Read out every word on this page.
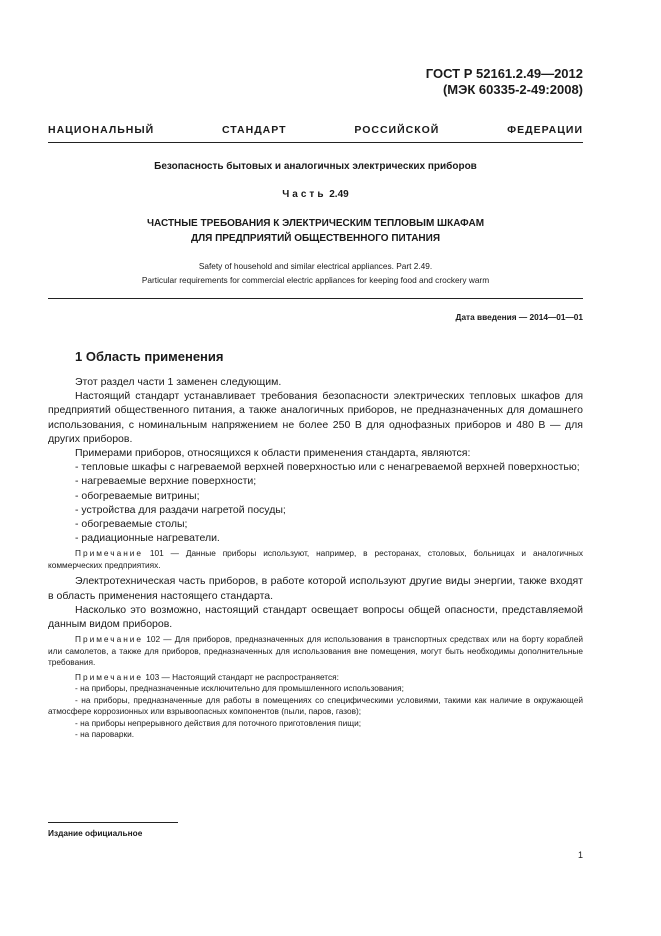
ГОСТ Р 52161.2.49—2012
(МЭК 60335-2-49:2008)
НАЦИОНАЛЬНЫЙ СТАНДАРТ РОССИЙСКОЙ ФЕДЕРАЦИИ
Безопасность бытовых и аналогичных электрических приборов
Часть 2.49
ЧАСТНЫЕ ТРЕБОВАНИЯ К ЭЛЕКТРИЧЕСКИМ ТЕПЛОВЫМ ШКАФАМ
ДЛЯ ПРЕДПРИЯТИЙ ОБЩЕСТВЕННОГО ПИТАНИЯ
Safety of household and similar electrical appliances. Part 2.49.
Particular requirements for commercial electric appliances for keeping food and crockery warm
Дата введения — 2014—01—01
1 Область применения

Этот раздел части 1 заменен следующим.

Настоящий стандарт устанавливает требования безопасности электрических тепловых шкафов для предприятий общественного питания, а также аналогичных приборов, не предназначенных для домашнего использования, с номинальным напряжением не более 250 В для однофазных приборов и 480 В — для других приборов.

Примерами приборов, относящихся к области применения стандарта, являются:

- тепловые шкафы с нагреваемой верхней поверхностью или с ненагреваемой верхней поверхностью;

- нагреваемые верхние поверхности;

- обогреваемые витрины;

- устройства для раздачи нагретой посуды;

- обогреваемые столы;

- радиационные нагреватели.

Примечание 101 — Данные приборы используют, например, в ресторанах, столовых, больницах и аналогичных коммерческих предприятиях.

Электротехническая часть приборов, в работе которой используют другие виды энергии, также входят в область применения настоящего стандарта.

Насколько это возможно, настоящий стандарт освещает вопросы общей опасности, представляемой данным видом приборов.

Примечание 102 — Для приборов, предназначенных для использования в транспортных средствах или на борту кораблей или самолетов, а также для приборов, предназначенных для использования вне помещения, могут быть необходимы дополнительные требования.

Примечание 103 — Настоящий стандарт не распространяется:

- на приборы, предназначенные исключительно для промышленного использования;

- на приборы, предназначенные для работы в помещениях со специфическими условиями, такими как наличие в окружающей атмосфере коррозионных или взрывоопасных компонентов (пыли, паров, газов);

- на приборы непрерывного действия для поточного приготовления пищи;

- на пароварки.

Издание официальное
1
